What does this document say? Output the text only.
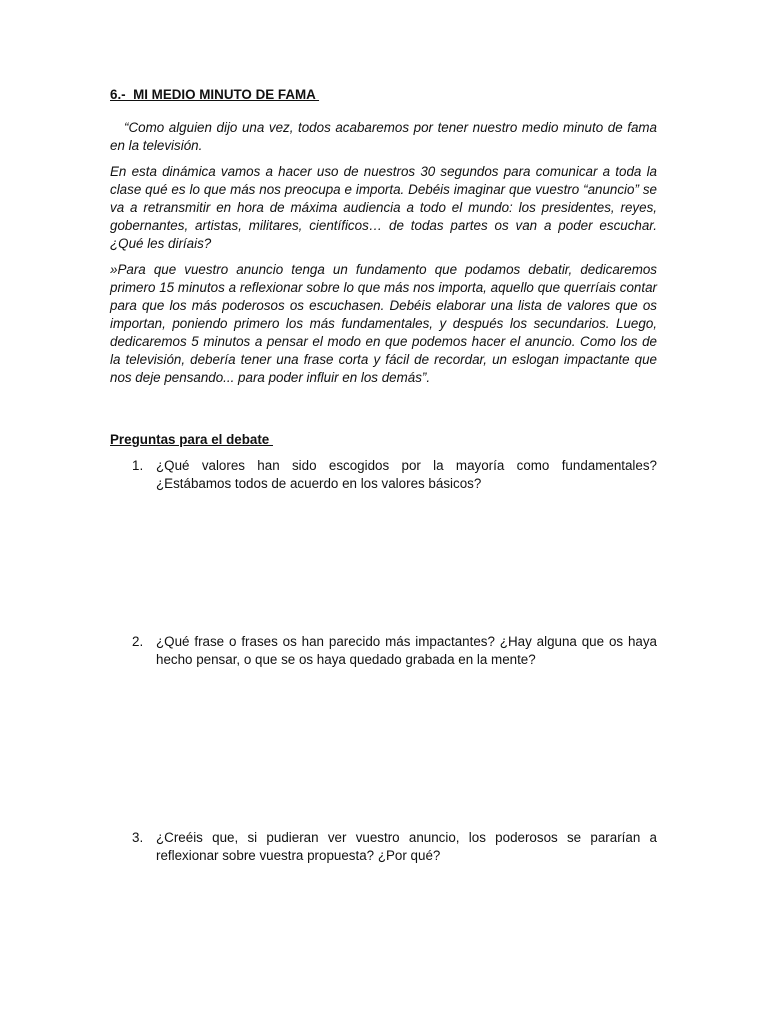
6.-  MI MEDIO MINUTO DE FAMA

“Como alguien dijo una vez, todos acabaremos por tener nuestro medio minuto de fama en la televisión.

En esta dinámica vamos a hacer uso de nuestros 30 segundos para comunicar a toda la clase qué es lo que más nos preocupa e importa. Debéis imaginar que vuestro “anuncio” se va a retransmitir en hora de máxima audiencia a todo el mundo: los presidentes, reyes, gobernantes, artistas, militares, científicos… de todas partes os van a poder escuchar. ¿Qué les diríais?

»Para que vuestro anuncio tenga un fundamento que podamos debatir, dedicaremos primero 15 minutos a reflexionar sobre lo que más nos importa, aquello que querríais contar para que los más poderosos os escuchasen. Debéis elaborar una lista de valores que os importan, poniendo primero los más fundamentales, y después los secundarios. Luego, dedicaremos 5 minutos a pensar el modo en que podemos hacer el anuncio. Como los de la televisión, debería tener una frase corta y fácil de recordar, un eslogan impactante que nos deje pensando... para poder influir en los demás”.

Preguntas para el debate
1. ¿Qué valores han sido escogidos por la mayoría como fundamentales? ¿Estábamos todos de acuerdo en los valores básicos?
2. ¿Qué frase o frases os han parecido más impactantes? ¿Hay alguna que os haya hecho pensar, o que se os haya quedado grabada en la mente?
3. ¿Creéis que, si pudieran ver vuestro anuncio, los poderosos se pararían a reflexionar sobre vuestra propuesta? ¿Por qué?
